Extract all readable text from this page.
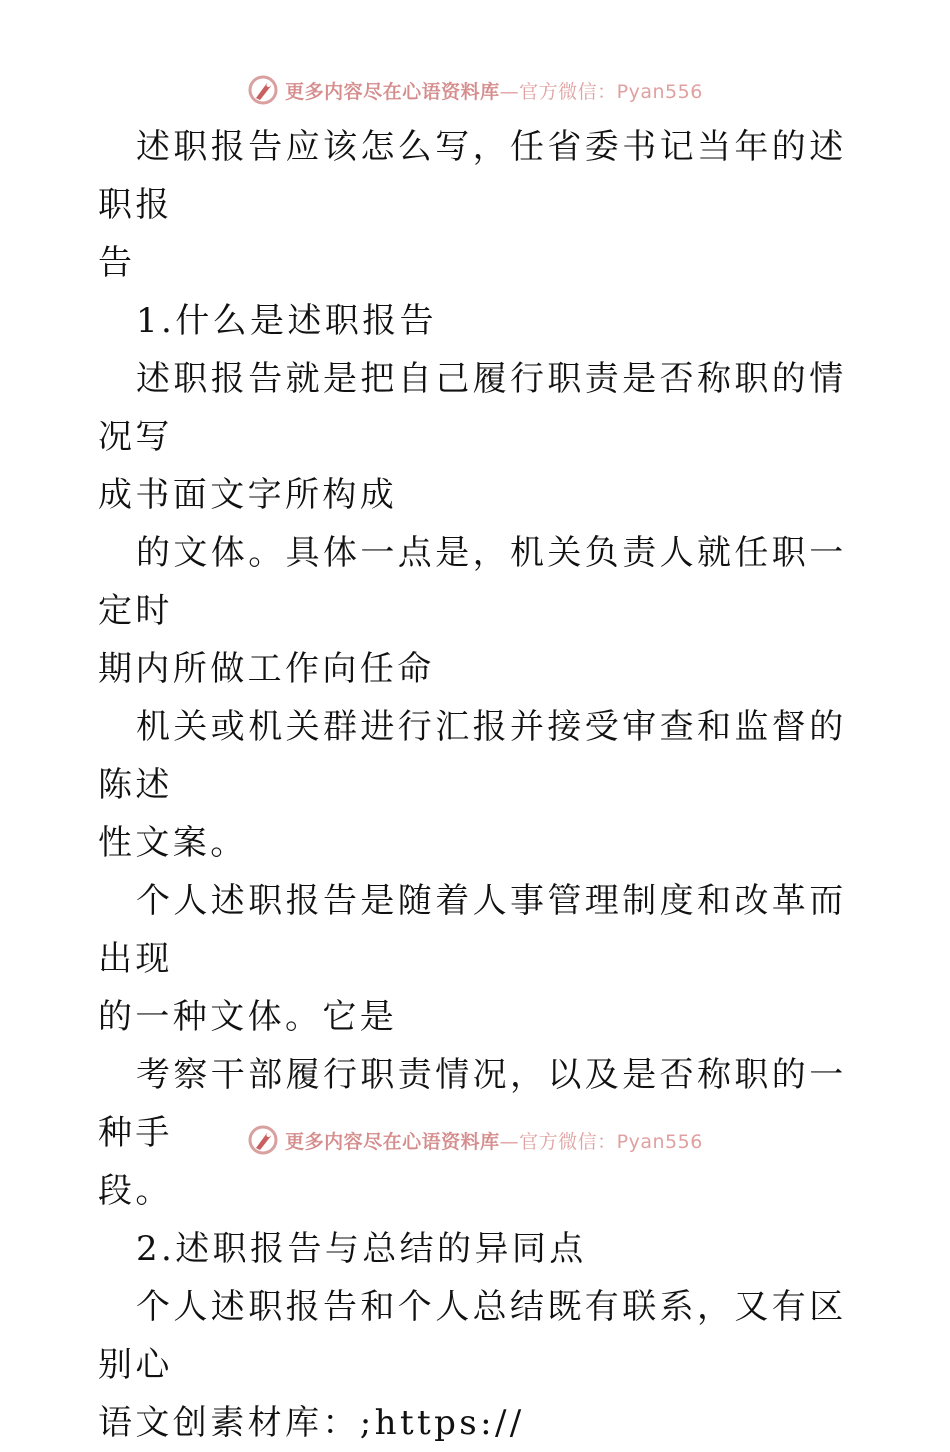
更多内容尽在心语资料库—官方微信：Pyan556

述职报告应该怎么写，任省委书记当年的述职报
告

1.什么是述职报告

述职报告就是把自己履行职责是否称职的情况写
成书面文字所构成

的文体。具体一点是，机关负责人就任职一定时
期内所做工作向任命

机关或机关群进行汇报并接受审查和监督的陈述
性文案。

个人述职报告是随着人事管理制度和改革而出现
的一种文体。它是

考察干部履行职责情况，以及是否称职的一种手
段。

2.述职报告与总结的异同点

个人述职报告和个人总结既有联系，又有区别心
语文创素材库：;https://

更多内容尽在心语资料库—官方微信：Pyan556
